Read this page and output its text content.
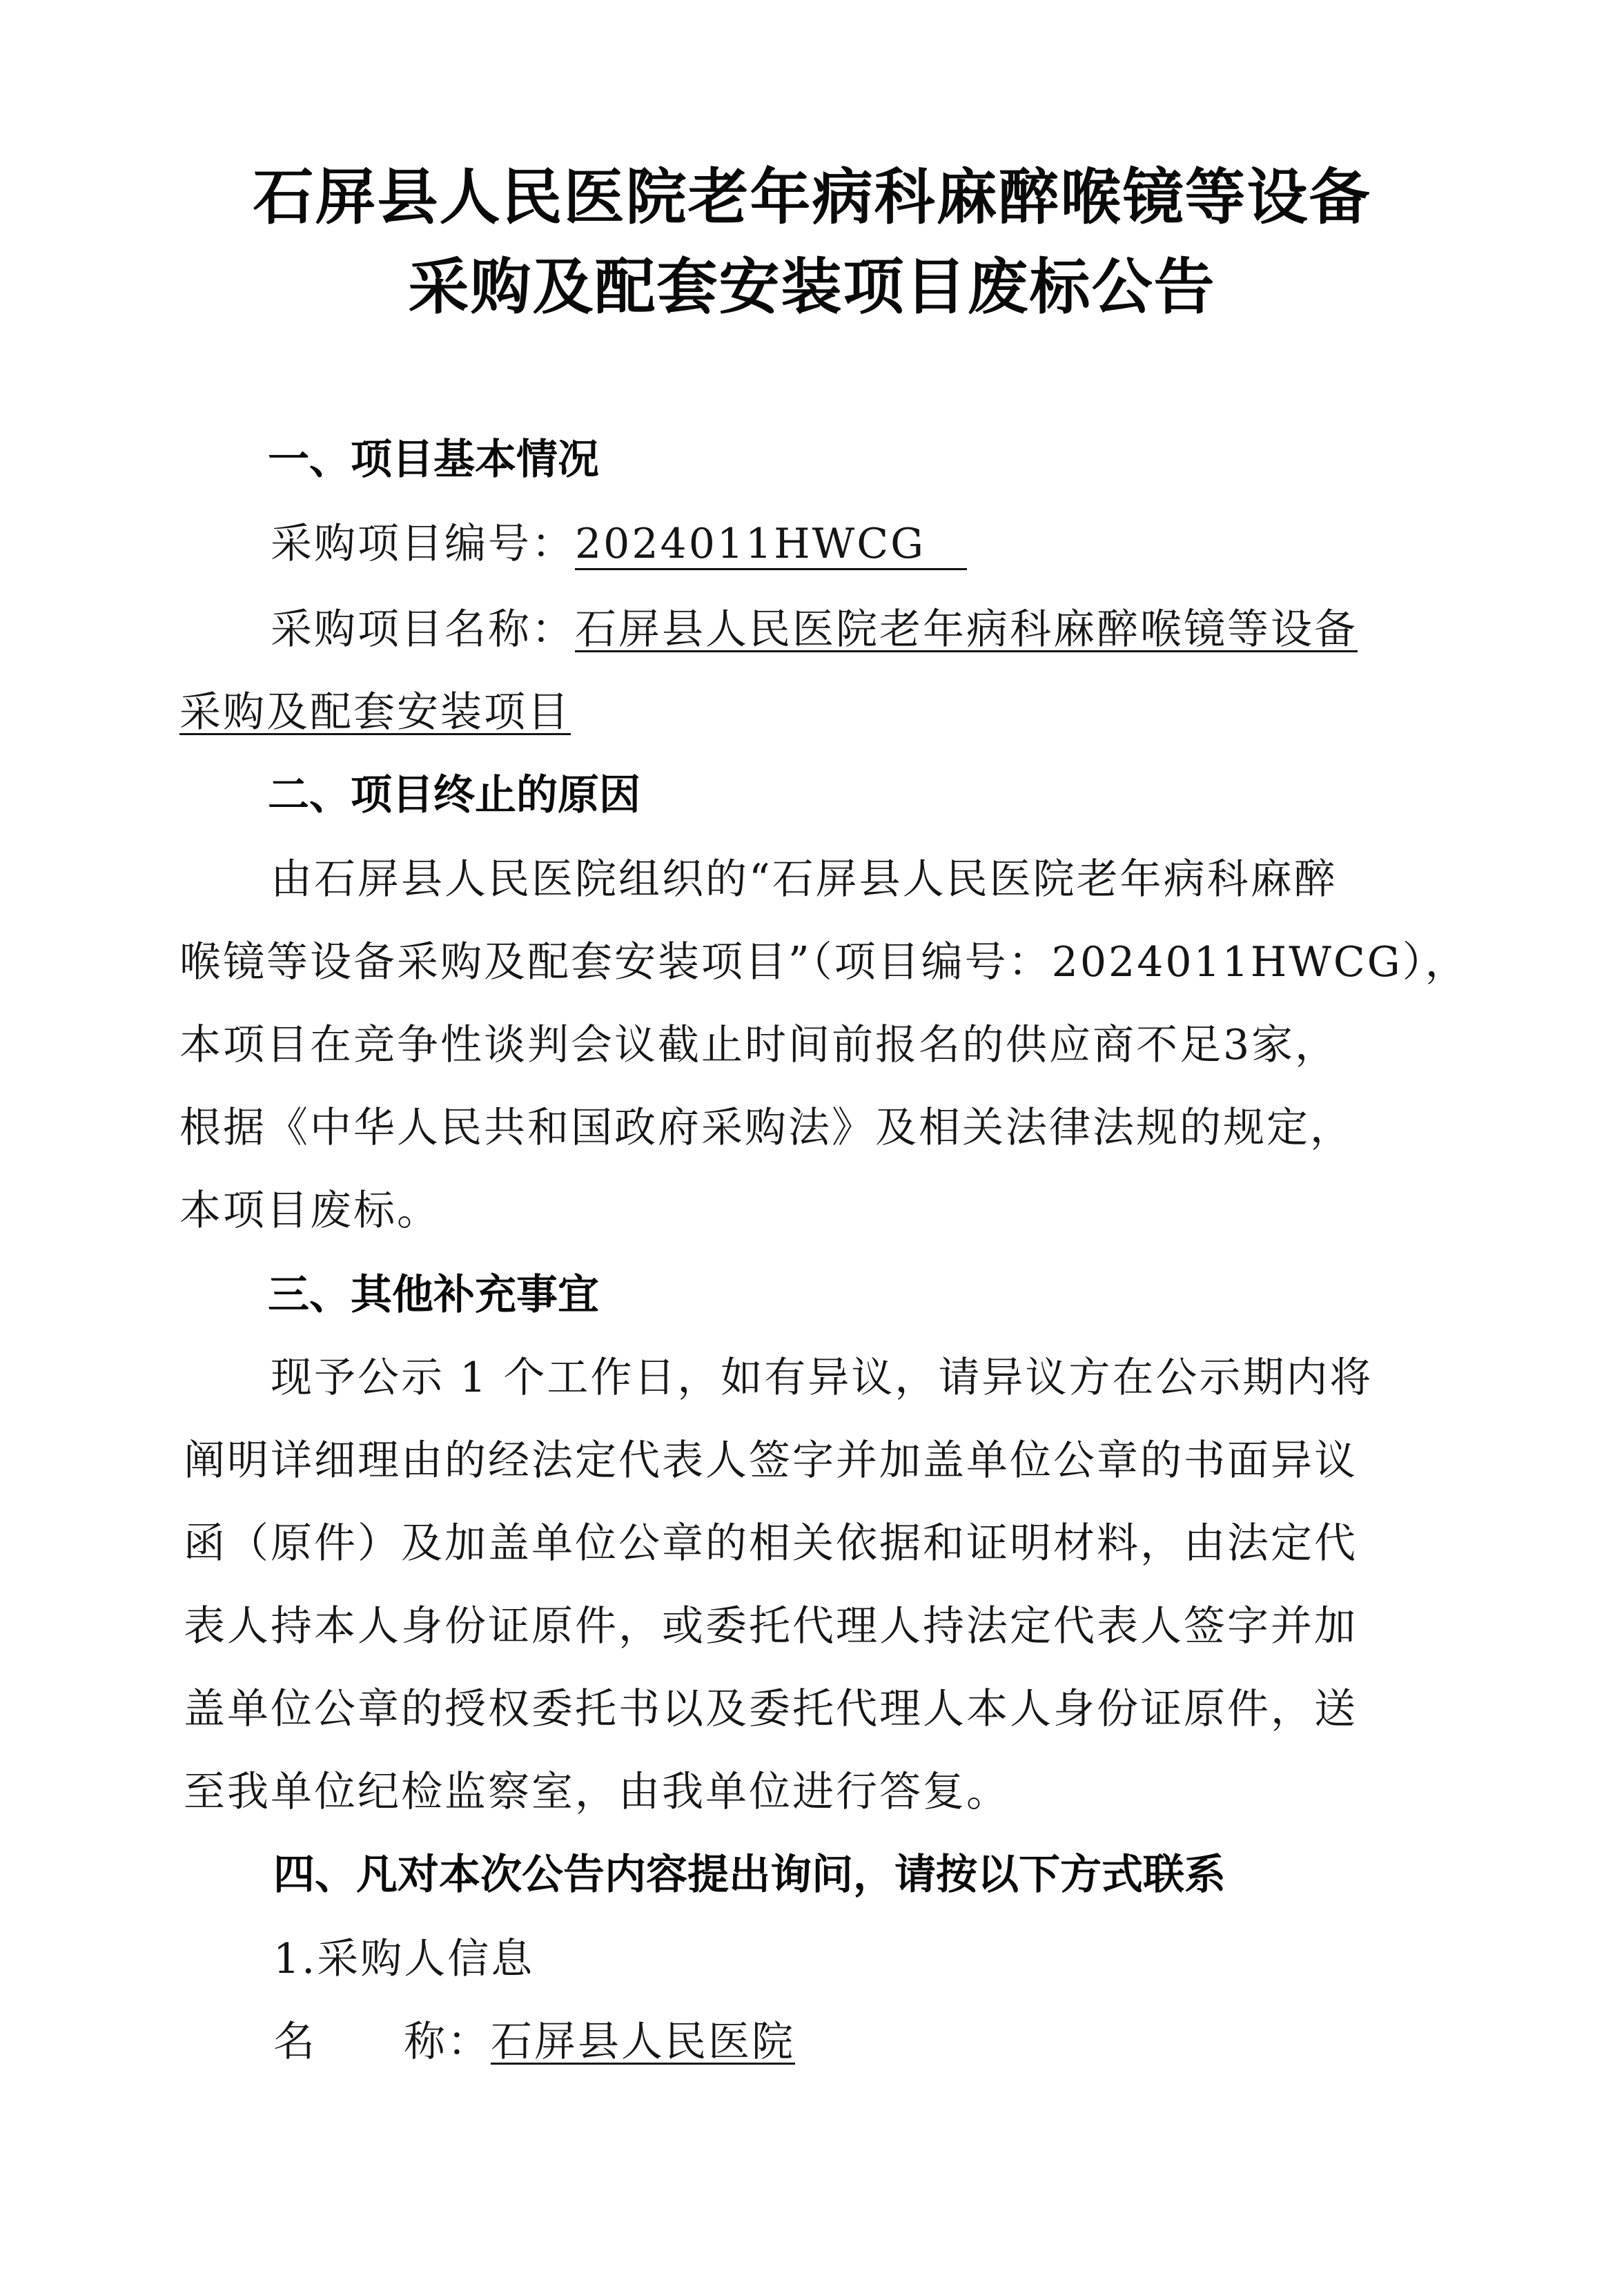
石屏县人民医院老年病科麻醉喉镜等设备
采购及配套安装项目废标公告
一、项目基本情况
采购项目编号：2024011HWCG
采购项目名称：石屏县人民医院老年病科麻醉喉镜等设备
采购及配套安装项目
二、项目终止的原因
由石屏县人民医院组织的“石屏县人民医院老年病科麻醉
喉镜等设备采购及配套安装项目”（项目编号：2024011HWCG），
本项目在竞争性谈判会议截止时间前报名的供应商不足3家，
根据《中华人民共和国政府采购法》及相关法律法规的规定，
本项目废标。
三、其他补充事宜
现予公示 1 个工作日，如有异议，请异议方在公示期内将
阐明详细理由的经法定代表人签字并加盖单位公章的书面异议
函（原件）及加盖单位公章的相关依据和证明材料，由法定代
表人持本人身份证原件，或委托代理人持法定代表人签字并加
盖单位公章的授权委托书以及委托代理人本人身份证原件，送
至我单位纪检监察室，由我单位进行答复。
四、凡对本次公告内容提出询问，请按以下方式联系
1.采购人信息
名　　称：石屏县人民医院
